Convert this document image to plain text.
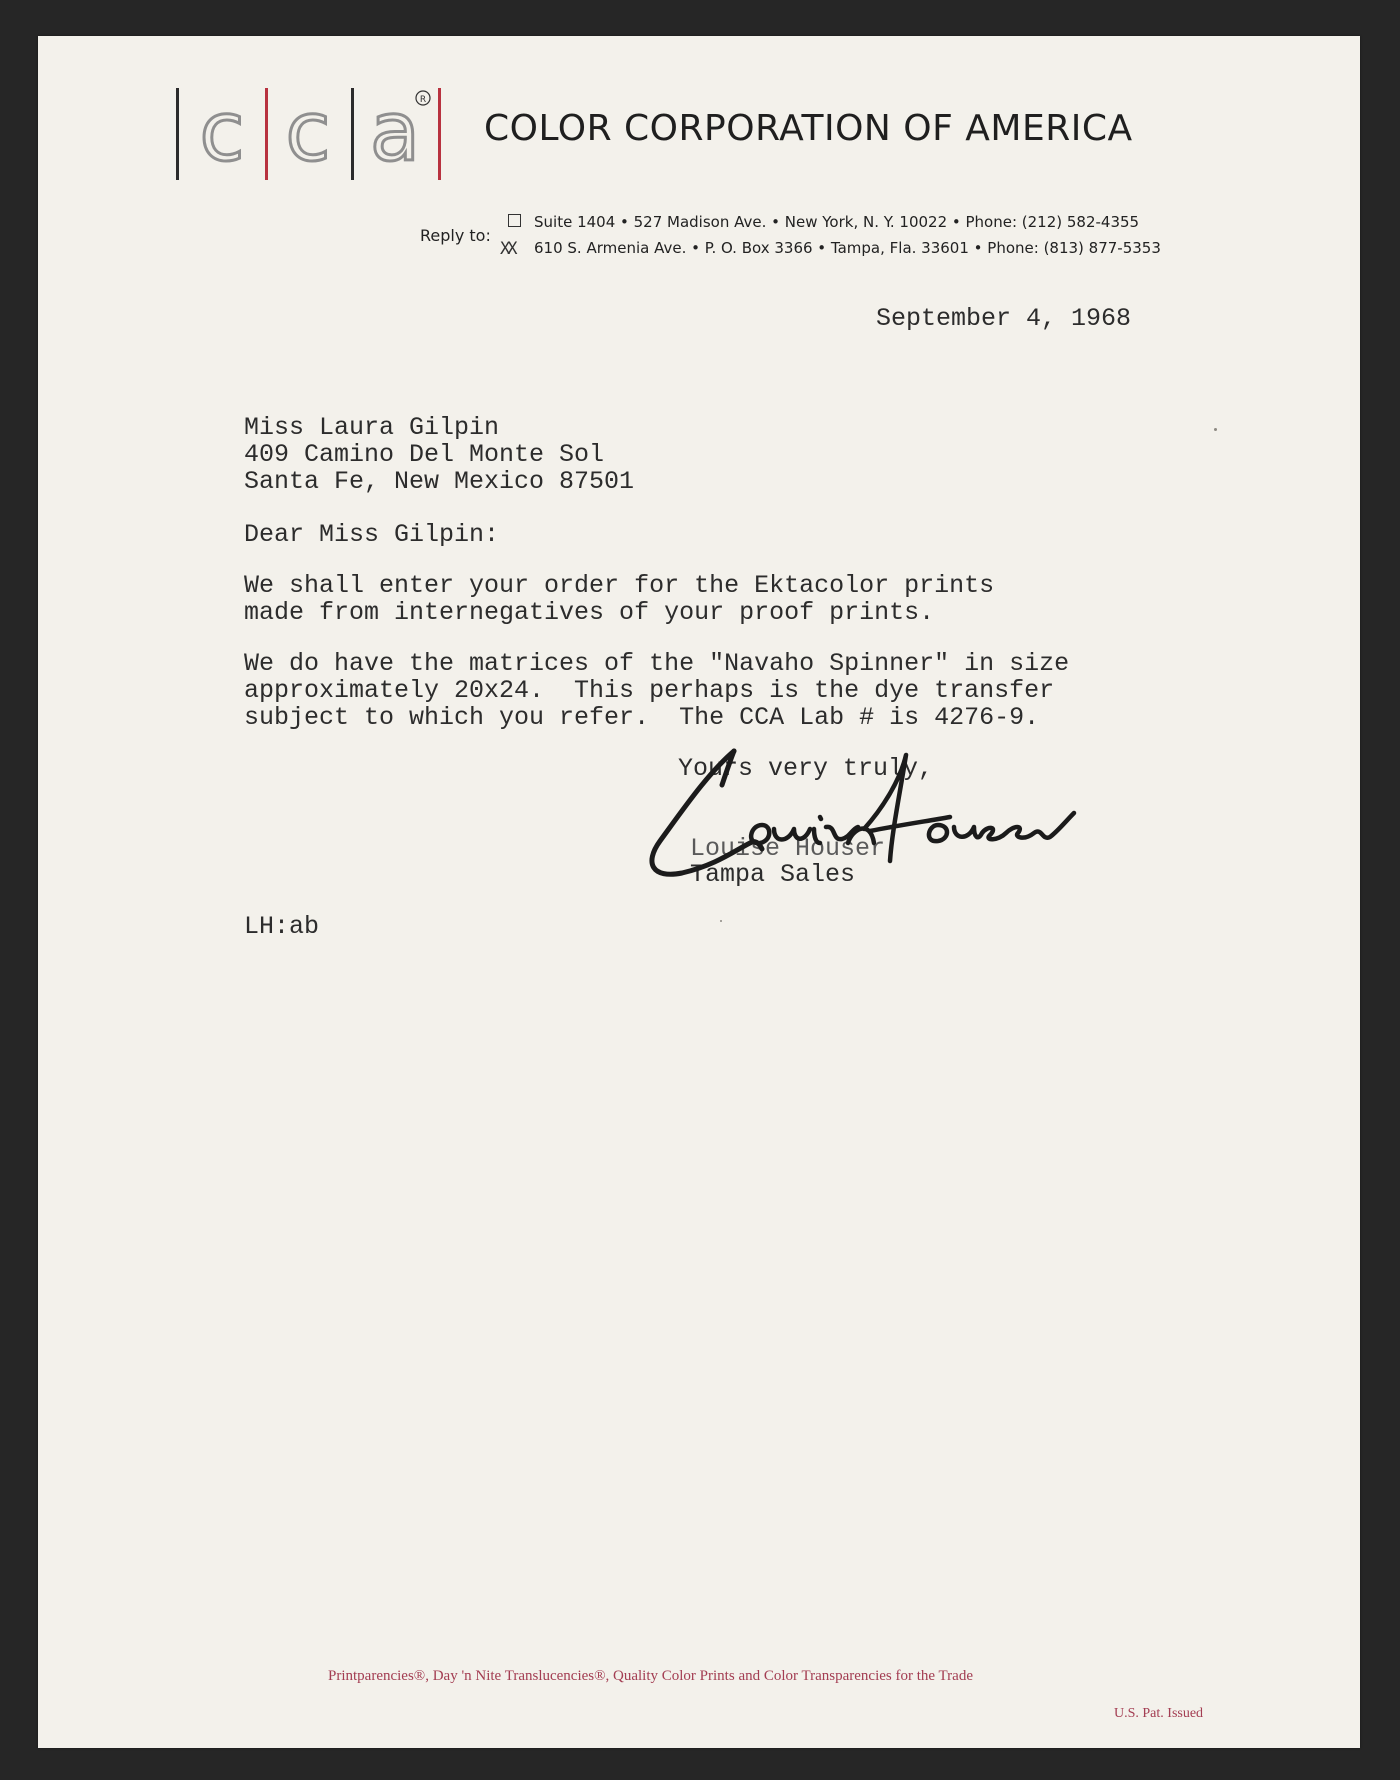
c c a R
COLOR CORPORATION OF AMERICA
Reply to:
Suite 1404 • 527 Madison Ave. • New York, N. Y. 10022 • Phone: (212) 582-4355
XX 610 S. Armenia Ave. • P. O. Box 3366 • Tampa, Fla. 33601 • Phone: (813) 877-5353
September 4, 1968
Miss Laura Gilpin
409 Camino Del Monte Sol
Santa Fe, New Mexico 87501
Dear Miss Gilpin:
We shall enter your order for the Ektacolor prints
made from internegatives of your proof prints.
We do have the matrices of the "Navaho Spinner" in size
approximately 20x24.  This perhaps is the dye transfer
subject to which you refer.  The CCA Lab # is 4276-9.
Yours very truly,
Louise Houser
Tampa Sales
LH:ab
Printparencies®, Day 'n Nite Translucencies®, Quality Color Prints and Color Transparencies for the Trade
U.S. Pat. Issued
